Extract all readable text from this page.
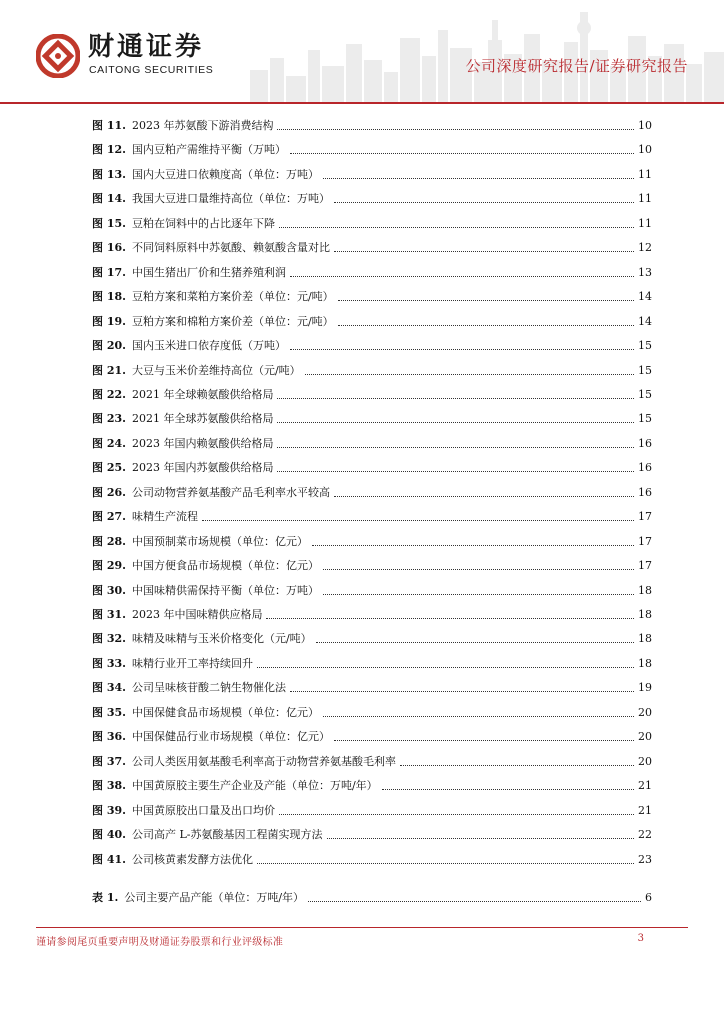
财通证券
CAITONG SECURITIES	公司深度研究报告/证券研究报告
图 11. 2023 年苏氨酸下游消费结构	10
图 12. 国内豆粕产需维持平衡（万吨）	10
图 13. 国内大豆进口依赖度高（单位：万吨）	11
图 14. 我国大豆进口量维持高位（单位：万吨）	11
图 15. 豆粕在饲料中的占比逐年下降	11
图 16. 不同饲料原料中苏氨酸、赖氨酸含量对比	12
图 17. 中国生猪出厂价和生猪养殖利润	13
图 18. 豆粕方案和菜粕方案价差（单位：元/吨）	14
图 19. 豆粕方案和棉粕方案价差（单位：元/吨）	14
图 20. 国内玉米进口依存度低（万吨）	15
图 21. 大豆与玉米价差维持高位（元/吨）	15
图 22. 2021 年全球赖氨酸供给格局	15
图 23. 2021 年全球苏氨酸供给格局	15
图 24. 2023 年国内赖氨酸供给格局	16
图 25. 2023 年国内苏氨酸供给格局	16
图 26. 公司动物营养氨基酸产品毛利率水平较高	16
图 27. 味精生产流程	17
图 28. 中国预制菜市场规模（单位：亿元）	17
图 29. 中国方便食品市场规模（单位：亿元）	17
图 30. 中国味精供需保持平衡（单位：万吨）	18
图 31. 2023 年中国味精供应格局	18
图 32. 味精及味精与玉米价格变化（元/吨）	18
图 33. 味精行业开工率持续回升	18
图 34. 公司呈味核苷酸二钠生物催化法	19
图 35. 中国保健食品市场规模（单位：亿元）	20
图 36. 中国保健品行业市场规模（单位：亿元）	20
图 37. 公司人类医用氨基酸毛利率高于动物营养氨基酸毛利率	20
图 38. 中国黄原胶主要生产企业及产能（单位：万吨/年）	21
图 39. 中国黄原胶出口量及出口均价	21
图 40. 公司高产 L-苏氨酸基因工程菌实现方法	22
图 41. 公司核黄素发酵方法优化	23
表 1. 公司主要产品产能（单位：万吨/年）	6
谨请参阅尾页重要声明及财通证券股票和行业评级标准	3
